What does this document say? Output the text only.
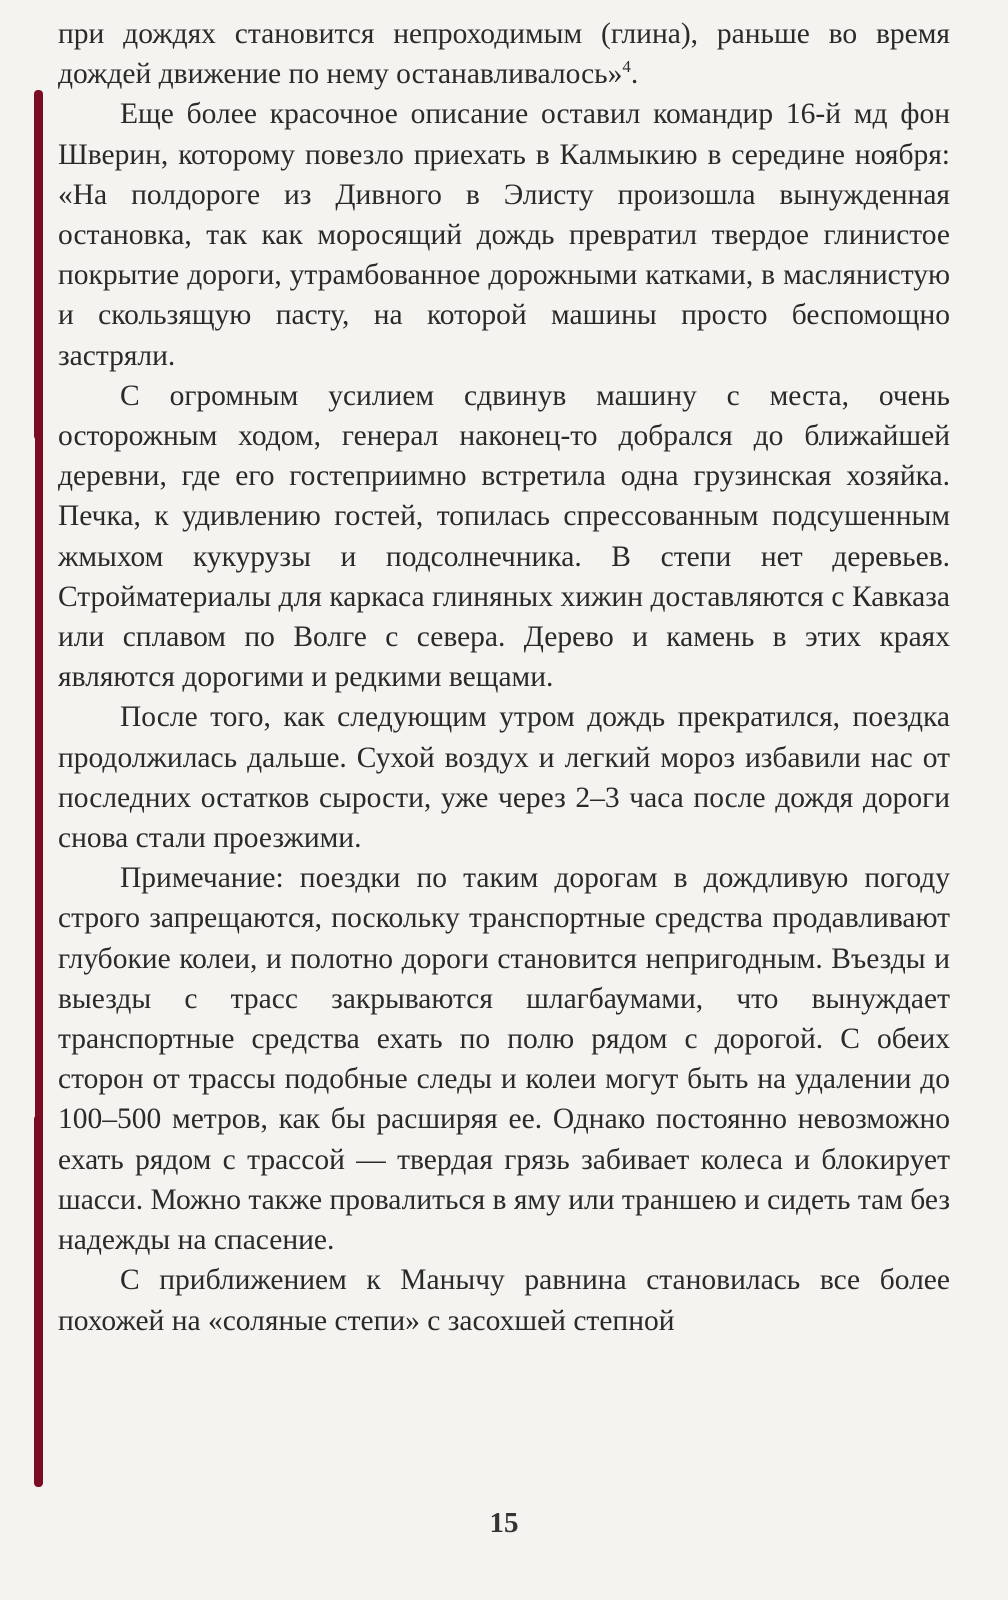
при дождях становится непроходимым (глина), раньше во время дождей движение по нему останавливалось»$^4$.

Еще более красочное описание оставил командир 16-й мд фон Шверин, которому повезло приехать в Калмыкию в середине ноября: «На полдороге из Дивного в Элисту произошла вынужденная остановка, так как моросящий дождь превратил твердое глинистое покрытие дороги, утрамбованное дорожными катками, в маслянистую и скользящую пасту, на которой машины просто беспомощно застряли.

С огромным усилием сдвинув машину с места, очень осторожным ходом, генерал наконец-то добрался до ближайшей деревни, где его гостеприимно встретила одна грузинская хозяйка. Печка, к удивлению гостей, топилась спрессованным подсушенным жмыхом кукурузы и подсолнечника. В степи нет деревьев. Стройматериалы для каркаса глиняных хижин доставляются с Кавказа или сплавом по Волге с севера. Дерево и камень в этих краях являются дорогими и редкими вещами.

После того, как следующим утром дождь прекратился, поездка продолжилась дальше. Сухой воздух и легкий мороз избавили нас от последних остатков сырости, уже через 2–3 часа после дождя дороги снова стали проезжими.

Примечание: поездки по таким дорогам в дождливую погоду строго запрещаются, поскольку транспортные средства продавливают глубокие колеи, и полотно дороги становится непригодным. Въезды и выезды с трасс закрываются шлагбаумами, что вынуждает транспортные средства ехать по полю рядом с дорогой. С обеих сторон от трассы подобные следы и колеи могут быть на удалении до 100–500 метров, как бы расширяя ее. Однако постоянно невозможно ехать рядом с трассой — твердая грязь забивает колеса и блокирует шасси. Можно также провалиться в яму или траншею и сидеть там без надежды на спасение.

С приближением к Манычу равнина становилась все более похожей на «соляные степи» с засохшей степной

15
